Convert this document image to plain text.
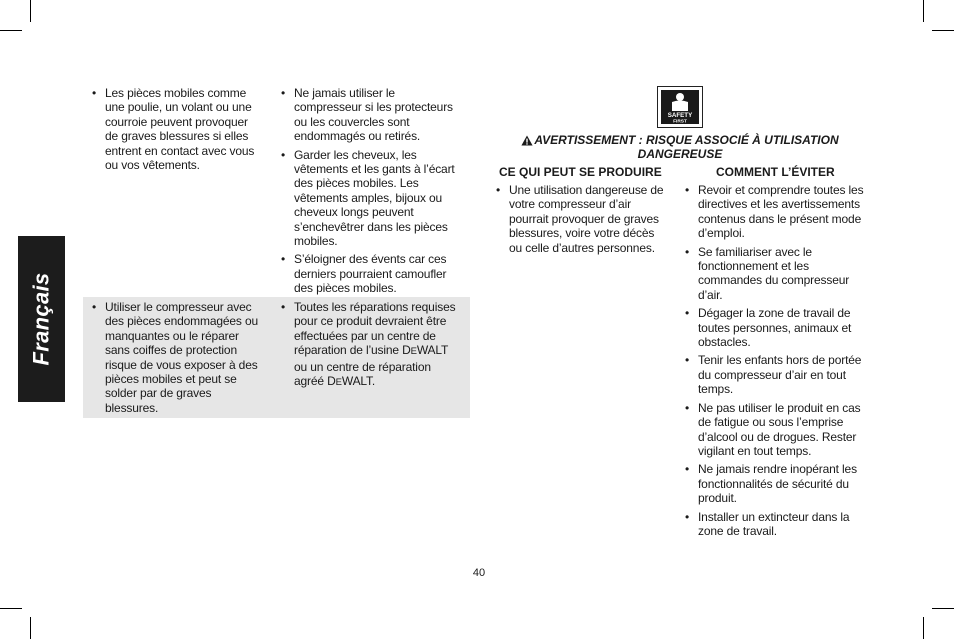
Français
• Les pièces mobiles comme une poulie, un volant ou une courroie peuvent provoquer de graves blessures si elles entrent en contact avec vous ou vos vêtements.
• Ne jamais utiliser le compresseur si les protecteurs ou les couvercles sont endommagés ou retirés.
• Garder les cheveux, les vêtements et les gants à l’écart des pièces mobiles. Les vêtements amples, bijoux ou cheveux longs peuvent s’enchevêtrer dans les pièces mobiles.
• S’éloigner des évents car ces derniers pourraient camoufler des pièces mobiles.
• Utiliser le compresseur avec des pièces endommagées ou manquantes ou le réparer sans coiffes de protection risque de vous exposer à des pièces mobiles et peut se solder par de graves blessures.
• Toutes les réparations requises pour ce produit devraient être effectuées par un centre de réparation de l’usine DEWALT ou un centre de réparation agréé DEWALT.
SAFETY
FIRST
AVERTISSEMENT : RISQUE ASSOCIÉ À UTILISATION DANGEREUSE
CE QUI PEUT SE PRODUIRE	COMMENT L’ÉVITER
• Une utilisation dangereuse de votre compresseur d’air pourrait provoquer de graves blessures, voire votre décès ou celle d’autres personnes.
• Revoir et comprendre toutes les directives et les avertissements contenus dans le présent mode d’emploi.
• Se familiariser avec le fonctionnement et les commandes du compresseur d’air.
• Dégager la zone de travail de toutes personnes, animaux et obstacles.
• Tenir les enfants hors de portée du compresseur d’air en tout temps.
• Ne pas utiliser le produit en cas de fatigue ou sous l’emprise d’alcool ou de drogues. Rester vigilant en tout temps.
• Ne jamais rendre inopérant les fonctionnalités de sécurité du produit.
• Installer un extincteur dans la zone de travail.
40
